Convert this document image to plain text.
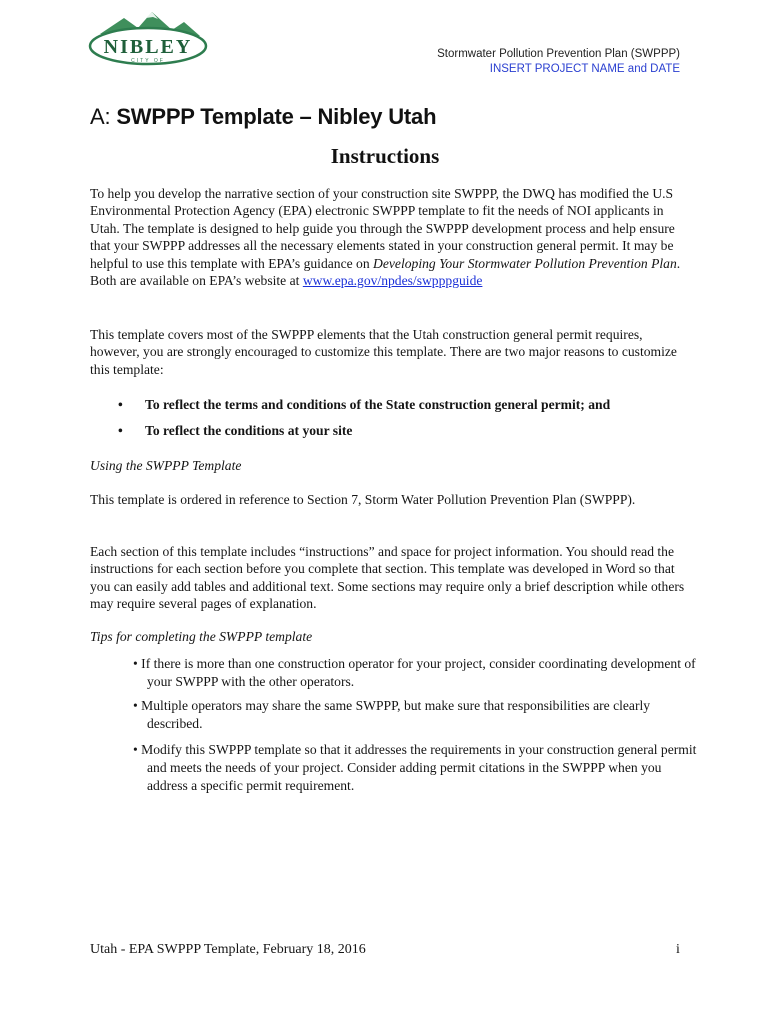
NIBLEY
CITY OF
Stormwater Pollution Prevention Plan (SWPPP)
INSERT PROJECT NAME and DATE
A: SWPPP Template – Nibley Utah
Instructions

To help you develop the narrative section of your construction site SWPPP, the DWQ has modified the U.S Environmental Protection Agency (EPA) electronic SWPPP template to fit the needs of NOI applicants in Utah. The template is designed to help guide you through the SWPPP development process and help ensure that your SWPPP addresses all the necessary elements stated in your construction general permit. It may be helpful to use this template with EPA’s guidance on Developing Your Stormwater Pollution Prevention Plan. Both are available on EPA’s website at www.epa.gov/npdes/swpppguide

This template covers most of the SWPPP elements that the Utah construction general permit requires, however, you are strongly encouraged to customize this template. There are two major reasons to customize this template:

• To reflect the terms and conditions of the State construction general permit; and
• To reflect the conditions at your site
Using the SWPPP Template

This template is ordered in reference to Section 7, Storm Water Pollution Prevention Plan (SWPPP).

Each section of this template includes “instructions” and space for project information. You should read the instructions for each section before you complete that section. This template was developed in Word so that you can easily add tables and additional text. Some sections may require only a brief description while others may require several pages of explanation.

Tips for completing the SWPPP template
• If there is more than one construction operator for your project, consider coordinating development of your SWPPP with the other operators.
• Multiple operators may share the same SWPPP, but make sure that responsibilities are clearly described.
• Modify this SWPPP template so that it addresses the requirements in your construction general permit and meets the needs of your project. Consider adding permit citations in the SWPPP when you address a specific permit requirement.
Utah - EPA SWPPP Template, February 18, 2016	i
